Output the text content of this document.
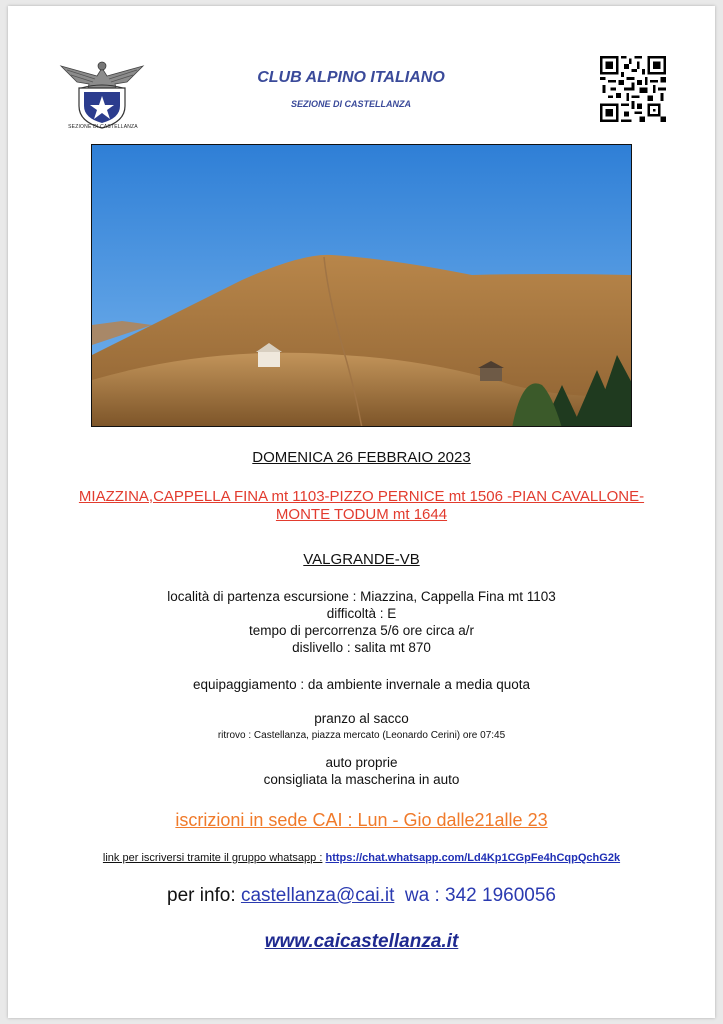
SEZIONE DI CASTELLANZA
CLUB ALPINO ITALIANO
SEZIONE DI CASTELLANZA
DOMENICA 26 FEBBRAIO 2023
MIAZZINA,CAPPELLA FINA mt 1103-PIZZO PERNICE mt 1506 -PIAN CAVALLONE-
MONTE TODUM mt 1644
VALGRANDE-VB
località di partenza escursione : Miazzina, Cappella Fina mt 1103
difficoltà : E
tempo di percorrenza 5/6 ore circa a/r
dislivello : salita mt 870
equipaggiamento : da ambiente invernale a media quota
pranzo al sacco
ritrovo : Castellanza, piazza mercato (Leonardo Cerini) ore 07:45
auto proprie
consigliata la mascherina in auto
iscrizioni in sede CAI : Lun - Gio dalle21alle 23
link per iscriversi tramite il gruppo whatsapp : https://chat.whatsapp.com/Ld4Kp1CGpFe4hCqpQchG2k
per info: castellanza@cai.it wa : 342 1960056
www.caicastellanza.it
